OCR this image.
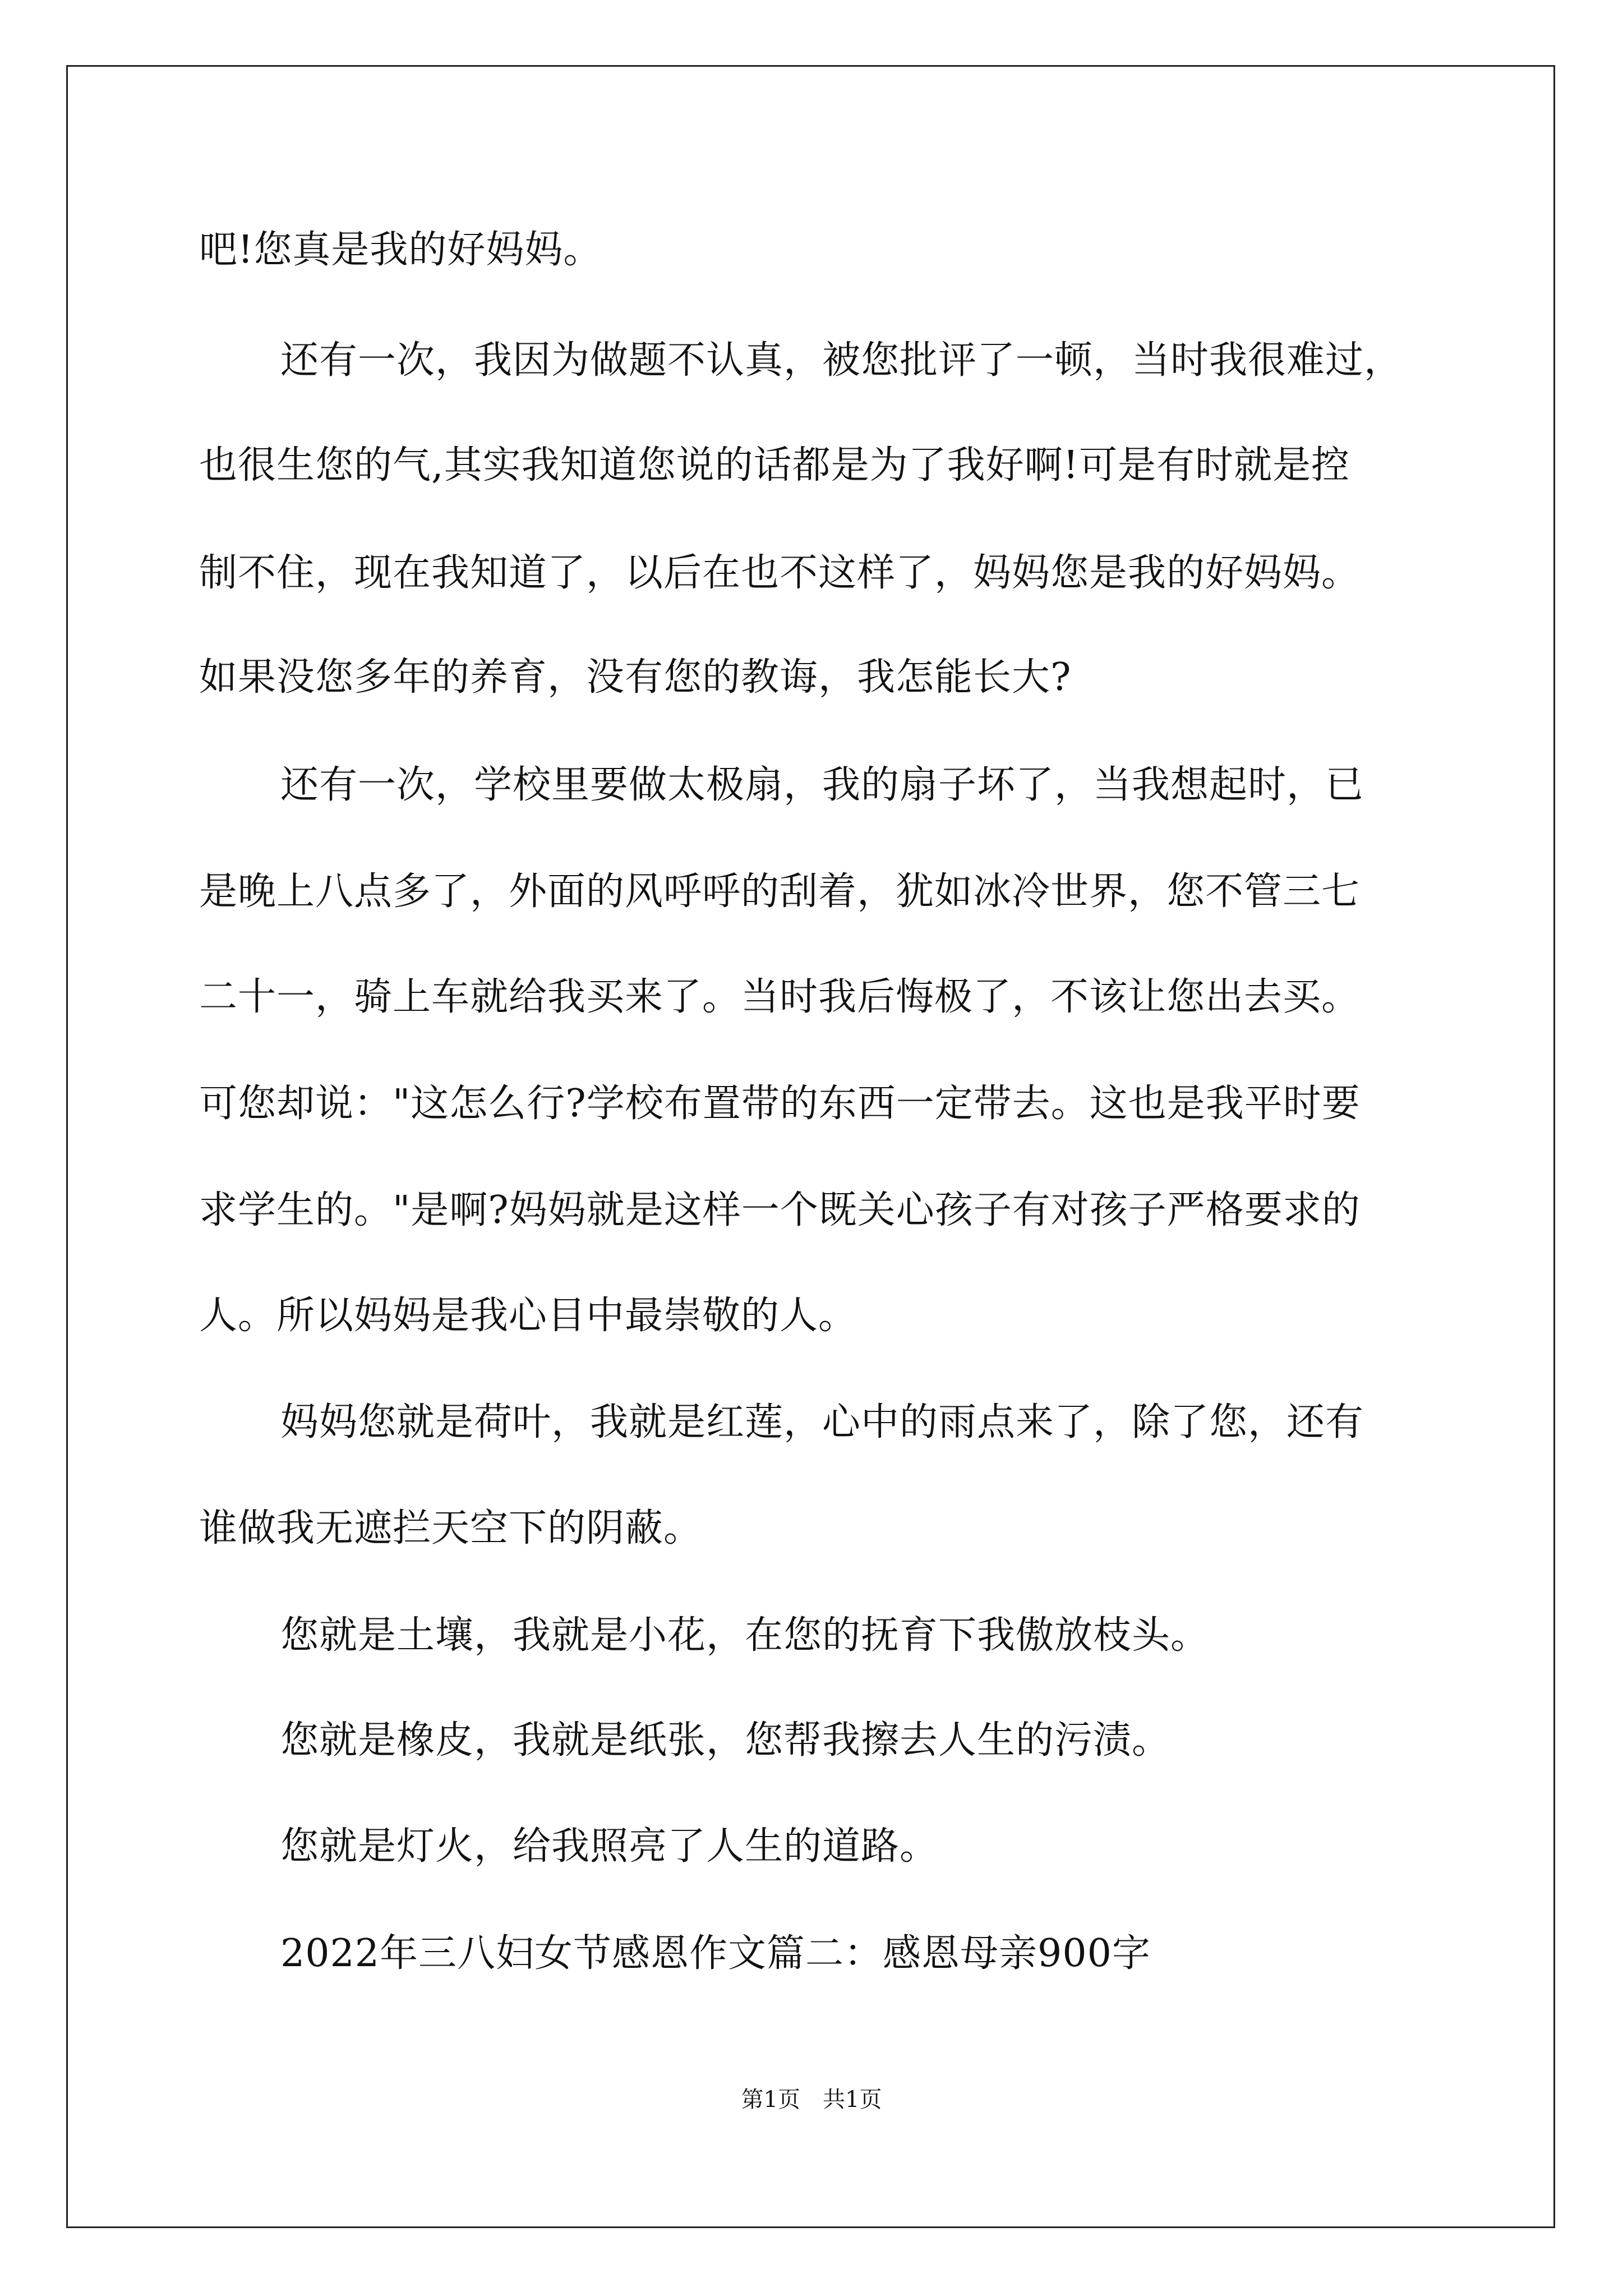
吧!您真是我的好妈妈。
还有一次，我因为做题不认真，被您批评了一顿，当时我很难过，
也很生您的气,其实我知道您说的话都是为了我好啊!可是有时就是控
制不住，现在我知道了，以后在也不这样了，妈妈您是我的好妈妈。
如果没您多年的养育，没有您的教诲，我怎能长大?
还有一次，学校里要做太极扇，我的扇子坏了，当我想起时，已
是晚上八点多了，外面的风呼呼的刮着，犹如冰冷世界，您不管三七
二十一，骑上车就给我买来了。当时我后悔极了，不该让您出去买。
可您却说："这怎么行?学校布置带的东西一定带去。这也是我平时要
求学生的。"是啊?妈妈就是这样一个既关心孩子有对孩子严格要求的
人。所以妈妈是我心目中最崇敬的人。
妈妈您就是荷叶，我就是红莲，心中的雨点来了，除了您，还有
谁做我无遮拦天空下的阴蔽。
您就是土壤，我就是小花，在您的抚育下我傲放枝头。
您就是橡皮，我就是纸张，您帮我擦去人生的污渍。
您就是灯火，给我照亮了人生的道路。
2022年三八妇女节感恩作文篇二：感恩母亲900字
第1页　共1页
